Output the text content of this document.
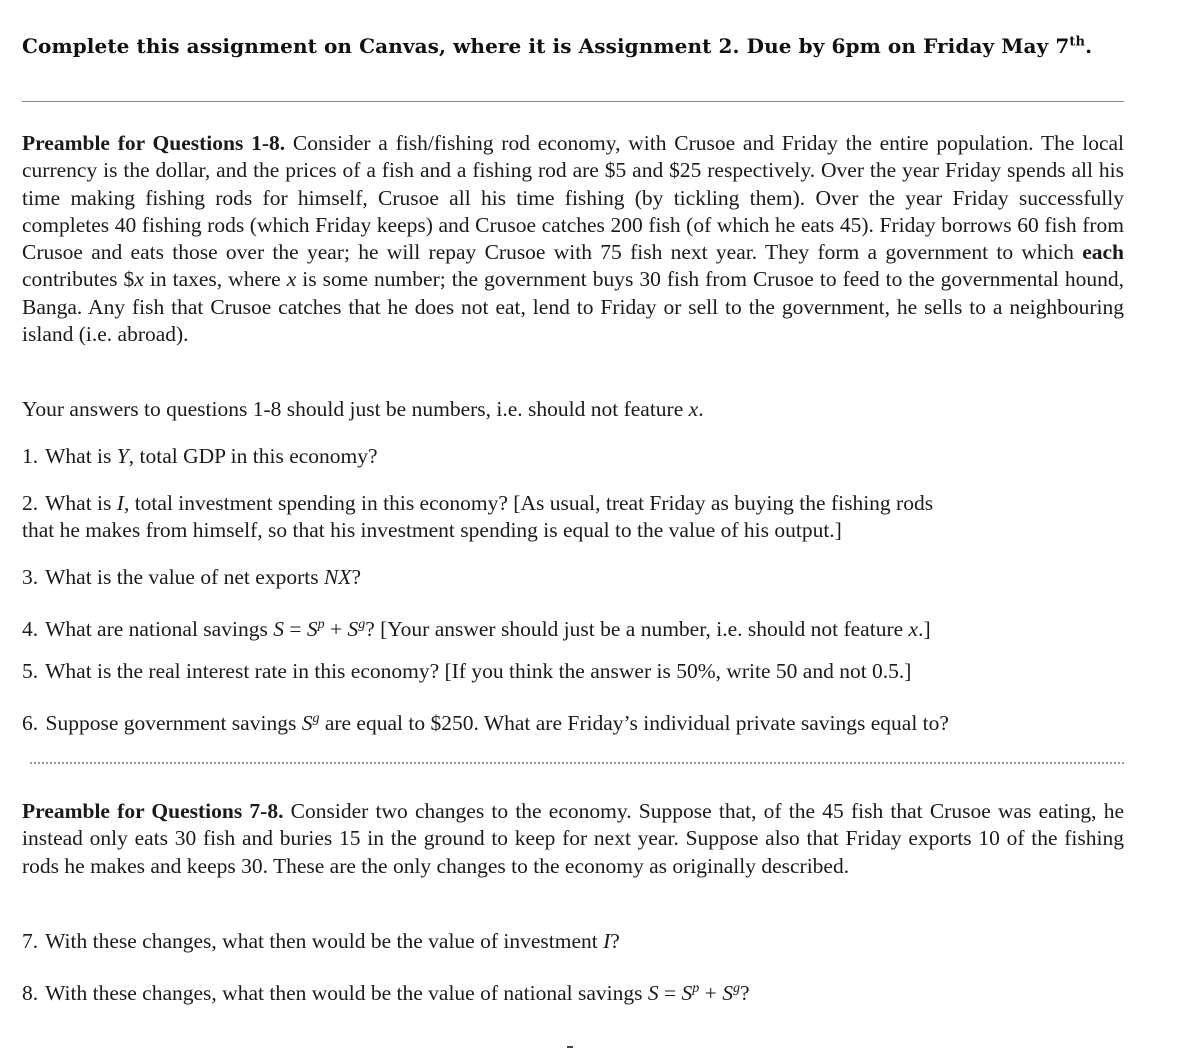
Complete this assignment on Canvas, where it is Assignment 2. Due by 6pm on Friday May 7th.
Preamble for Questions 1-8. Consider a fish/fishing rod economy, with Crusoe and Friday the entire population. The local currency is the dollar, and the prices of a fish and a fishing rod are $5 and $25 respectively. Over the year Friday spends all his time making fishing rods for himself, Crusoe all his time fishing (by tickling them). Over the year Friday successfully completes 40 fishing rods (which Friday keeps) and Crusoe catches 200 fish (of which he eats 45). Friday borrows 60 fish from Crusoe and eats those over the year; he will repay Crusoe with 75 fish next year. They form a government to which each contributes $x in taxes, where x is some number; the government buys 30 fish from Crusoe to feed to the governmental hound, Banga. Any fish that Crusoe catches that he does not eat, lend to Friday or sell to the government, he sells to a neighbouring island (i.e. abroad).
Your answers to questions 1-8 should just be numbers, i.e. should not feature x.
1. What is Y, total GDP in this economy?
2. What is I, total investment spending in this economy? [As usual, treat Friday as buying the fishing rods
that he makes from himself, so that his investment spending is equal to the value of his output.]
3. What is the value of net exports NX?
4. What are national savings $S = S^p + S^g$? [Your answer should just be a number, i.e. should not feature x.]
5. What is the real interest rate in this economy? [If you think the answer is 50%, write 50 and not 0.5.]
6. Suppose government savings $S^g$ are equal to $250. What are Friday’s individual private savings equal to?
Preamble for Questions 7-8. Consider two changes to the economy. Suppose that, of the 45 fish that Crusoe was eating, he instead only eats 30 fish and buries 15 in the ground to keep for next year. Suppose also that Friday exports 10 of the fishing rods he makes and keeps 30. These are the only changes to the economy as originally described.
7. With these changes, what then would be the value of investment I?
8. With these changes, what then would be the value of national savings $S = S^p + S^g$?
